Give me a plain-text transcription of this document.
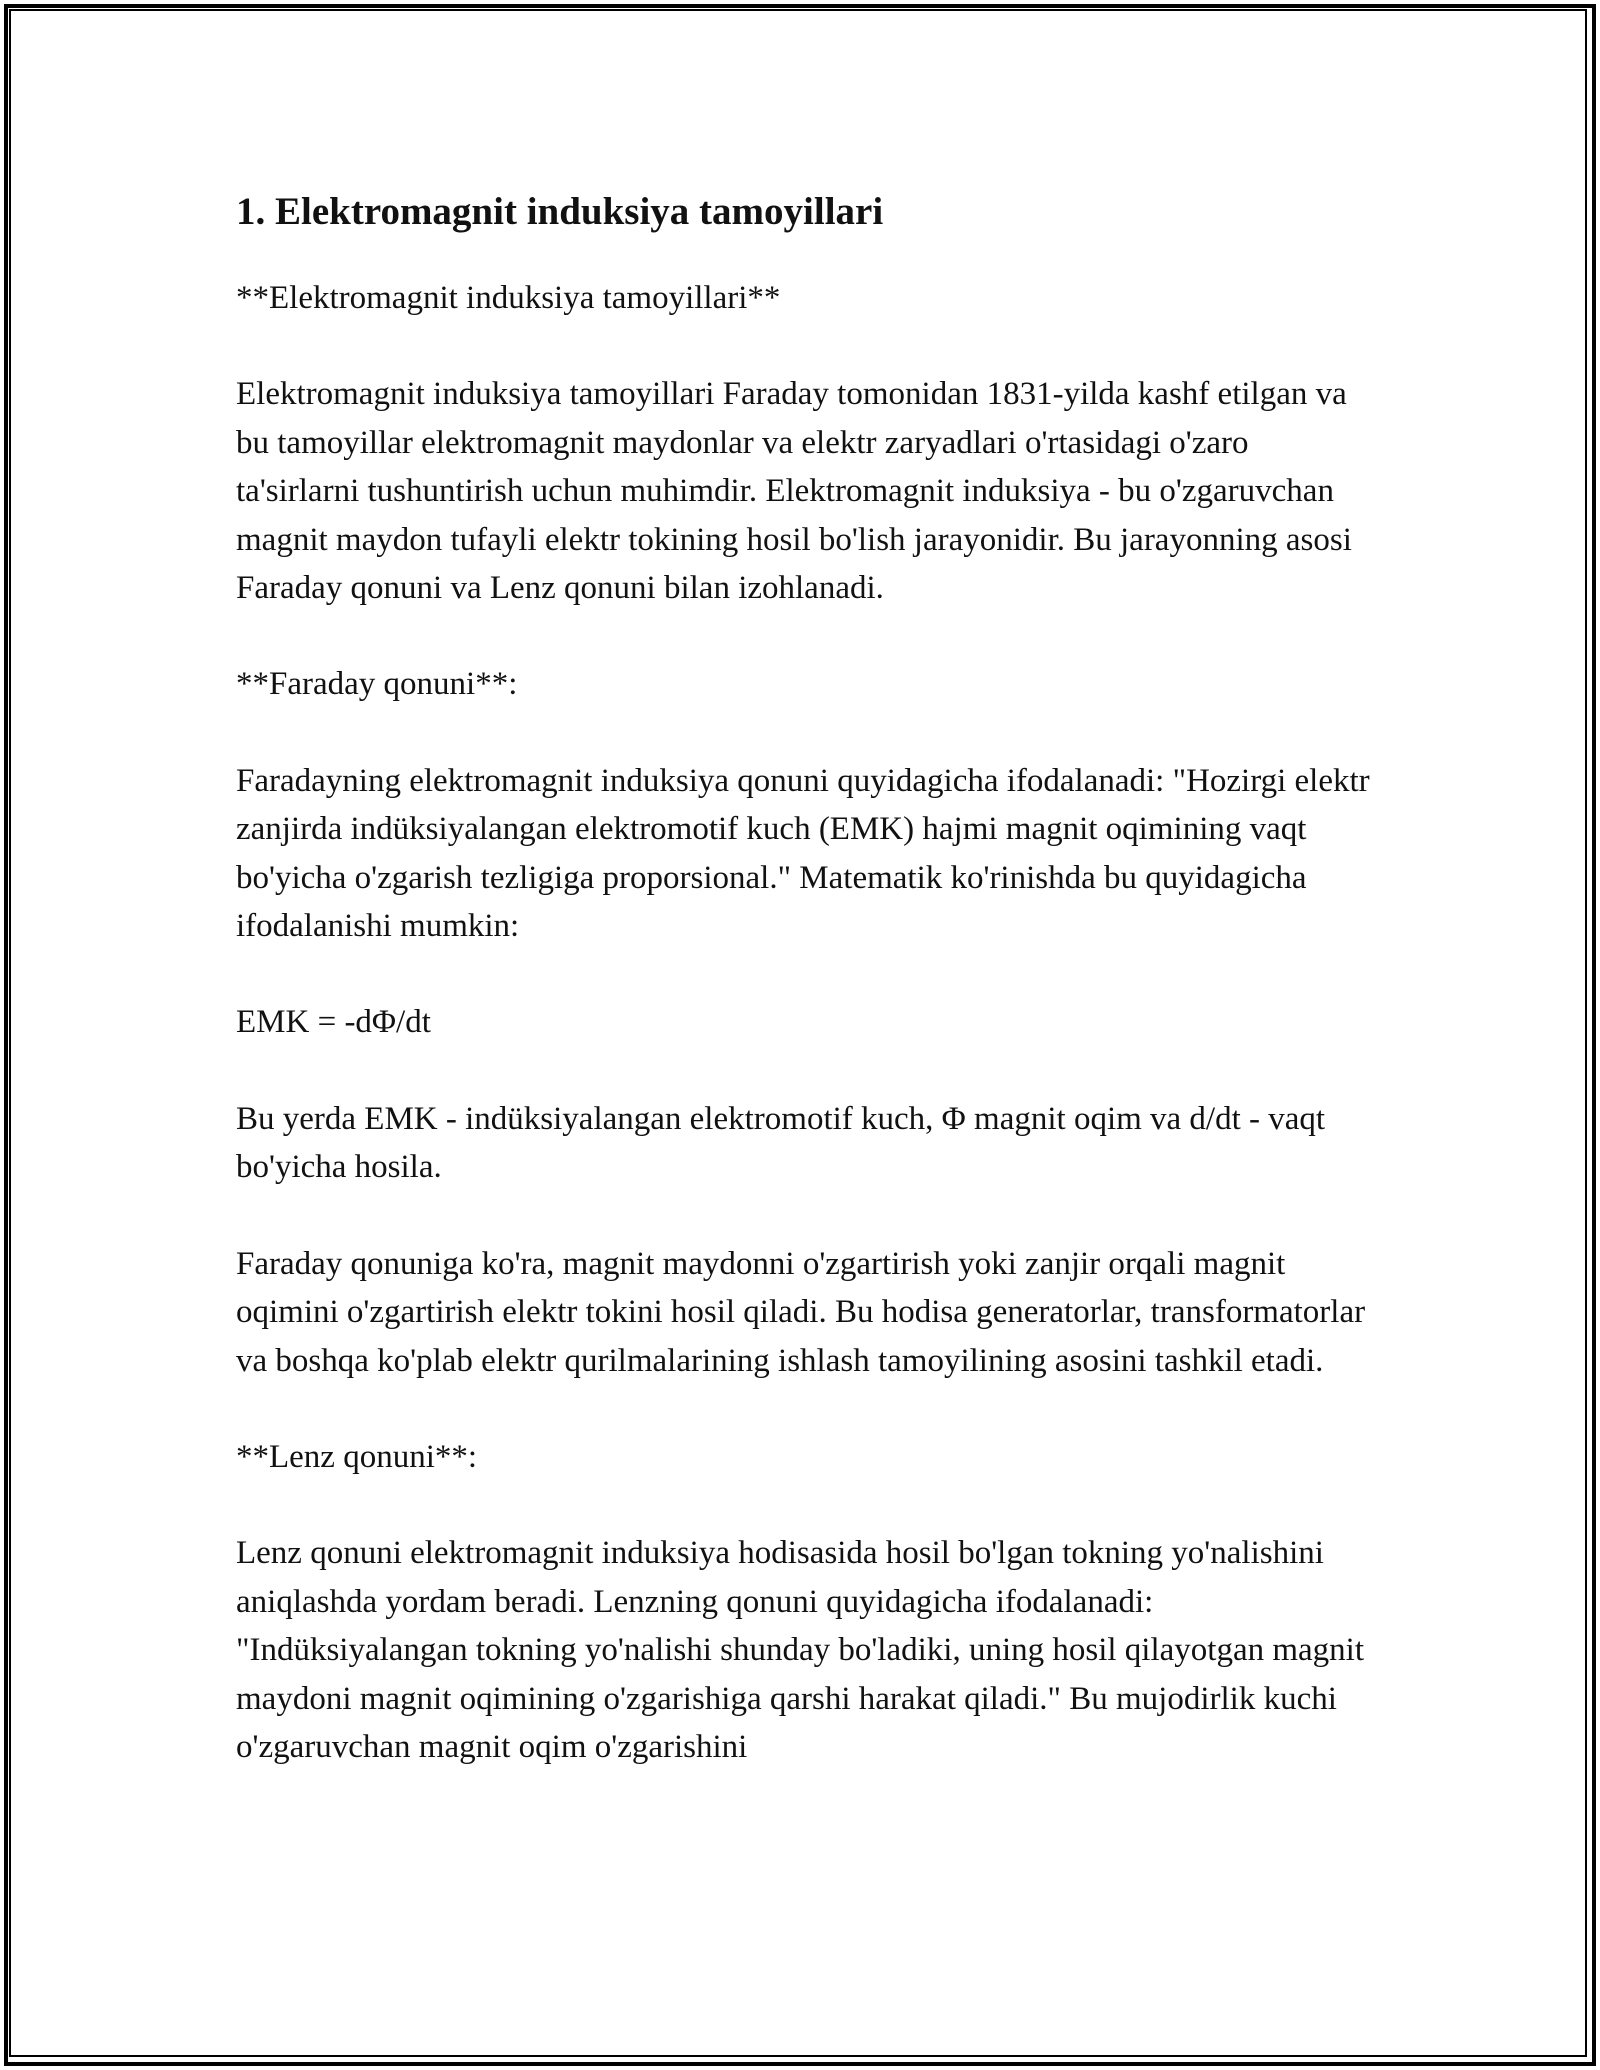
1. Elektromagnit induksiya tamoyillari

**Elektromagnit induksiya tamoyillari**

Elektromagnit induksiya tamoyillari Faraday tomonidan 1831-yilda kashf etilgan va bu tamoyillar elektromagnit maydonlar va elektr zaryadlari o'rtasidagi o'zaro ta'sirlarni tushuntirish uchun muhimdir. Elektromagnit induksiya - bu o'zgaruvchan magnit maydon tufayli elektr tokining hosil bo'lish jarayonidir. Bu jarayonning asosi Faraday qonuni va Lenz qonuni bilan izohlanadi.

**Faraday qonuni**:

Faradayning elektromagnit induksiya qonuni quyidagicha ifodalanadi: "Hozirgi elektr zanjirda indüksiyalangan elektromotif kuch (EMK) hajmi magnit oqimining vaqt bo'yicha o'zgarish tezligiga proporsional." Matematik ko'rinishda bu quyidagicha ifodalanishi mumkin:

EMK = -dΦ/dt

Bu yerda EMK - indüksiyalangan elektromotif kuch, Φ magnit oqim va d/dt - vaqt bo'yicha hosila.

Faraday qonuniga ko'ra, magnit maydonni o'zgartirish yoki zanjir orqali magnit oqimini o'zgartirish elektr tokini hosil qiladi. Bu hodisa generatorlar, transformatorlar va boshqa ko'plab elektr qurilmalarining ishlash tamoyilining asosini tashkil etadi.

**Lenz qonuni**:

Lenz qonuni elektromagnit induksiya hodisasida hosil bo'lgan tokning yo'nalishini aniqlashda yordam beradi. Lenzning qonuni quyidagicha ifodalanadi: "Indüksiyalangan tokning yo'nalishi shunday bo'ladiki, uning hosil qilayotgan magnit maydoni magnit oqimining o'zgarishiga qarshi harakat qiladi." Bu mujodirlik kuchi o'zgaruvchan magnit oqim o'zgarishini
